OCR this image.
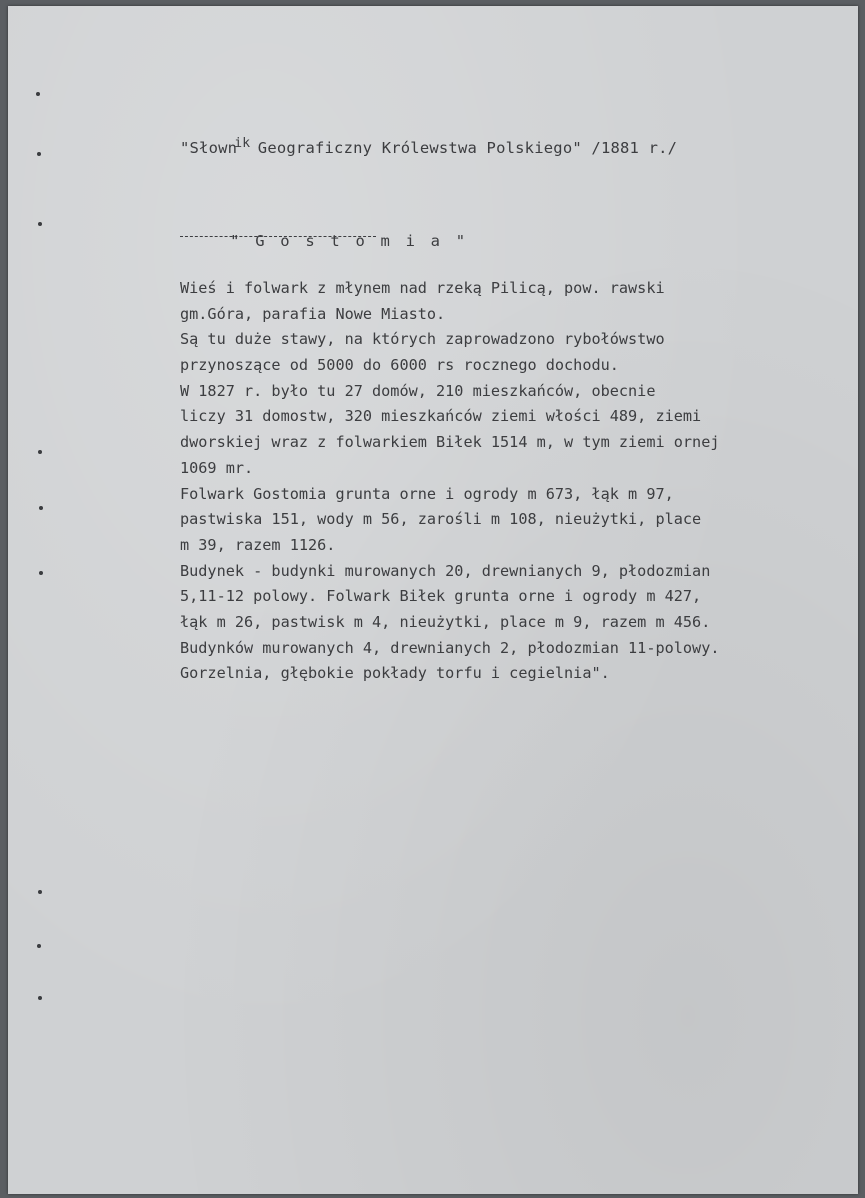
"Słown$^{ik}$ Geograficzny Królewstwa Polskiego" /1881 r./

" G o s t o m i a "

Wieś i folwark z młynem nad rzeką Pilicą, pow. rawski
gm.Góra, parafia Nowe Miasto.
Są tu duże stawy, na których zaprowadzono rybołówstwo
przynoszące od 5000 do 6000 rs rocznego dochodu.
W 1827 r. było tu 27 domów, 210 mieszkańców, obecnie
liczy 31 domostw, 320 mieszkańców ziemi włości 489, ziemi
dworskiej wraz z folwarkiem Biłek 1514 m, w tym ziemi ornej
1069 mr.
Folwark Gostomia grunta orne i ogrody m 673, łąk m 97,
pastwiska 151, wody m 56, zarośli m 108, nieużytki, place
m 39, razem 1126.
Budynek - budynki murowanych 20, drewnianych 9, płodozmian
5,11-12 polowy. Folwark Biłek grunta orne i ogrody m 427,
łąk m 26, pastwisk m 4, nieużytki, place m 9, razem m 456.
Budynków murowanych 4, drewnianych 2, płodozmian 11-polowy.
Gorzelnia, głębokie pokłady torfu i cegielnia".
